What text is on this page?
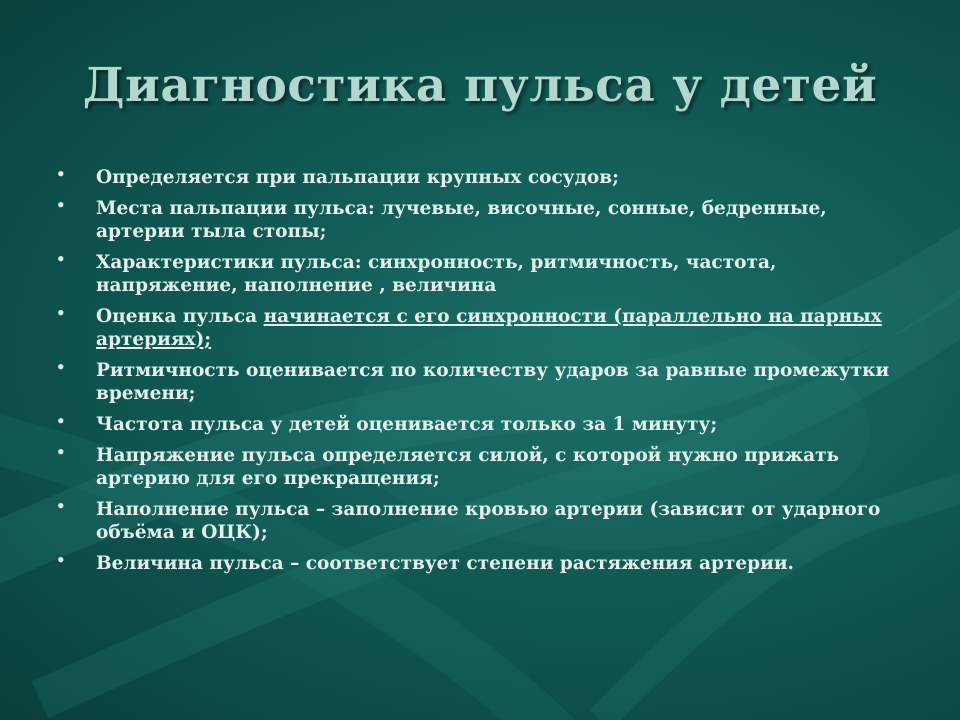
Диагностика пульса у детей
• Определяется при пальпации крупных сосудов;
• Места пальпации пульса: лучевые, височные, сонные, бедренные, артерии тыла стопы;
• Характеристики пульса: синхронность, ритмичность, частота, напряжение, наполнение , величина
• Оценка пульса начинается с его синхронности (параллельно на парных артериях);
• Ритмичность оценивается по количеству ударов за равные промежутки времени;
• Частота пульса у детей оценивается только за 1 минуту;
• Напряжение пульса определяется силой, с которой нужно прижать артерию для его прекращения;
• Наполнение пульса – заполнение кровью артерии (зависит от ударного объёма и ОЦК);
• Величина пульса – соответствует степени растяжения артерии.
